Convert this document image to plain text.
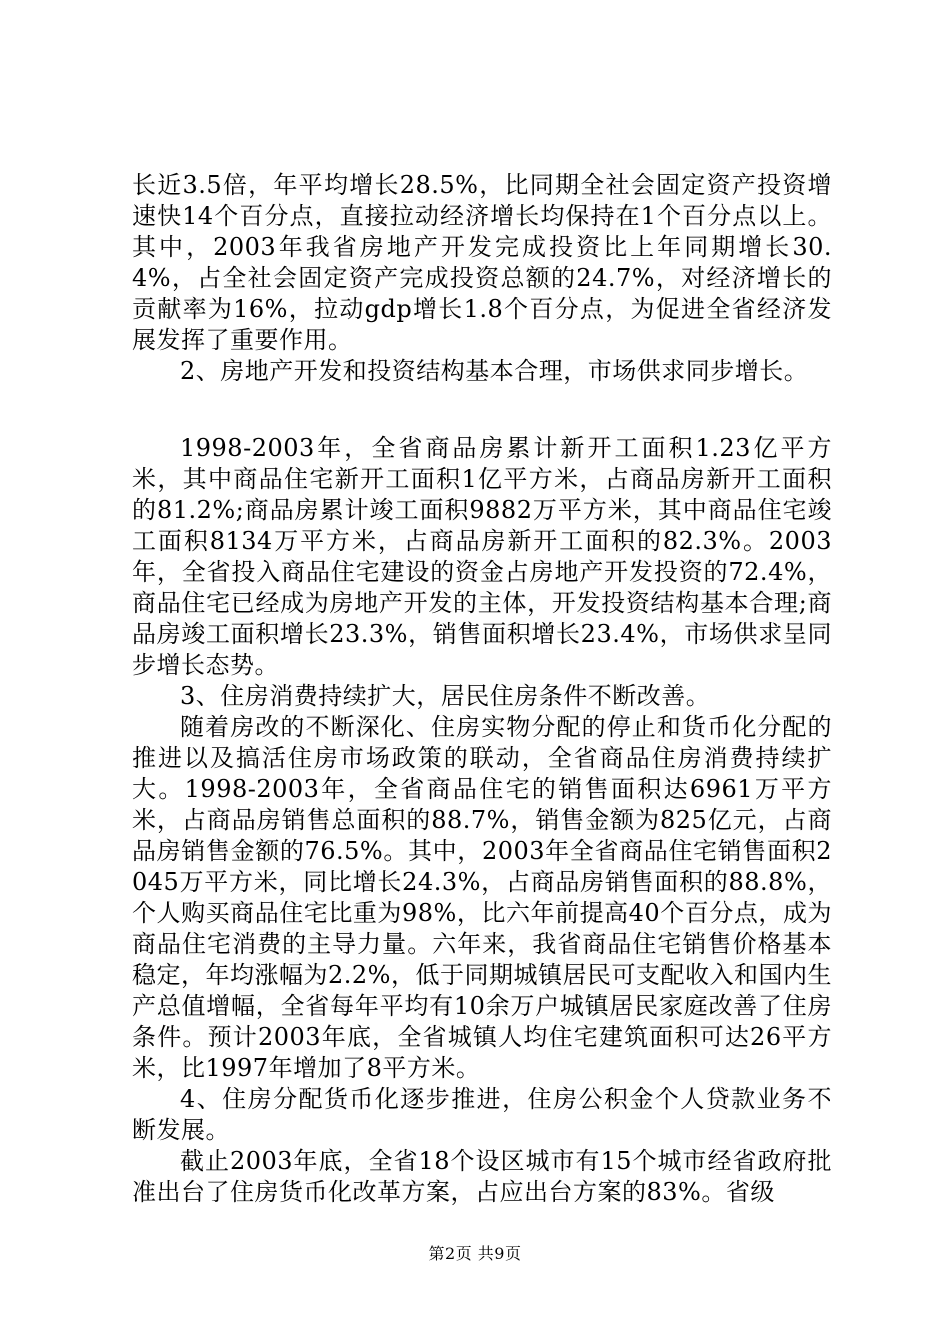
长近3.5倍，年平均增长28.5%，比同期全社会固定资产投资增速快14个百分点，直接拉动经济增长均保持在1个百分点以上。其中，2003年我省房地产开发完成投资比上年同期增长30.4%，占全社会固定资产完成投资总额的24.7%，对经济增长的贡献率为16%，拉动gdp增长1.8个百分点，为促进全省经济发展发挥了重要作用。

2、房地产开发和投资结构基本合理，市场供求同步增长。

1998-2003年，全省商品房累计新开工面积1.23亿平方米，其中商品住宅新开工面积1亿平方米，占商品房新开工面积的81.2%;商品房累计竣工面积9882万平方米，其中商品住宅竣工面积8134万平方米，占商品房新开工面积的82.3%。2003年，全省投入商品住宅建设的资金占房地产开发投资的72.4%，商品住宅已经成为房地产开发的主体，开发投资结构基本合理;商品房竣工面积增长23.3%，销售面积增长23.4%，市场供求呈同步增长态势。

3、住房消费持续扩大，居民住房条件不断改善。

随着房改的不断深化、住房实物分配的停止和货币化分配的推进以及搞活住房市场政策的联动，全省商品住房消费持续扩大。1998-2003年，全省商品住宅的销售面积达6961万平方米，占商品房销售总面积的88.7%，销售金额为825亿元，占商品房销售金额的76.5%。其中，2003年全省商品住宅销售面积2045万平方米，同比增长24.3%，占商品房销售面积的88.8%，个人购买商品住宅比重为98%，比六年前提高40个百分点，成为商品住宅消费的主导力量。六年来，我省商品住宅销售价格基本稳定，年均涨幅为2.2%，低于同期城镇居民可支配收入和国内生产总值增幅，全省每年平均有10余万户城镇居民家庭改善了住房条件。预计2003年底，全省城镇人均住宅建筑面积可达26平方米，比1997年增加了8平方米。

4、住房分配货币化逐步推进，住房公积金个人贷款业务不断发展。

截止2003年底，全省18个设区城市有15个城市经省政府批准出台了住房货币化改革方案，占应出台方案的83%。省级

第2页 共9页
